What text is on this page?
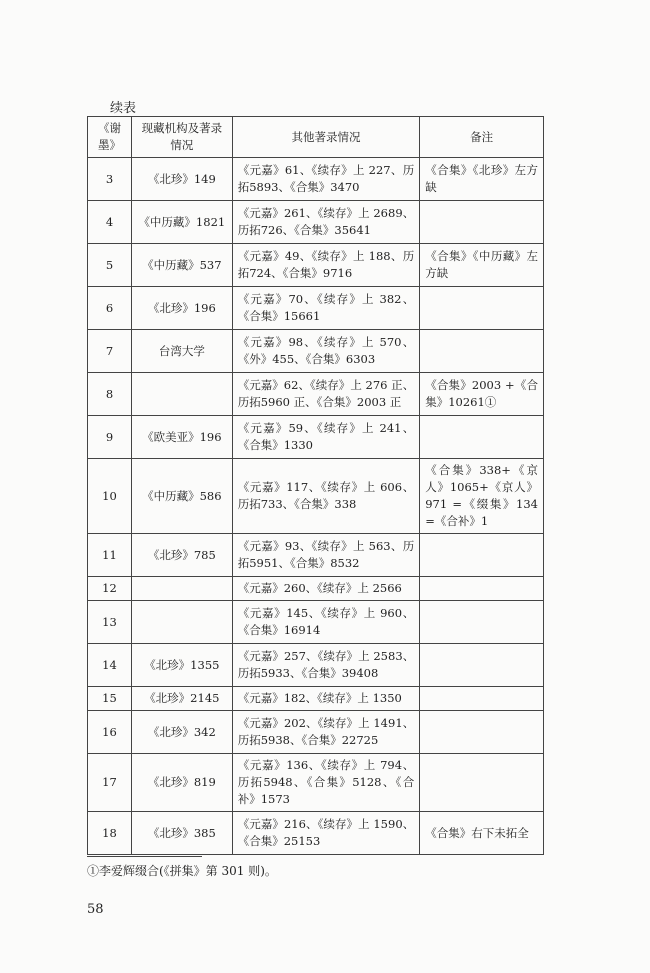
续表
《谢墨》	现藏机构及著录情况	其他著录情况	备注
3	《北珍》149	《元嘉》61、《续存》上 227、历拓5893、《合集》3470	《合集》《北珍》左方缺
4	《中历藏》1821	《元嘉》261、《续存》上 2689、历拓726、《合集》35641	
5	《中历藏》537	《元嘉》49、《续存》上 188、历拓724、《合集》9716	《合集》《中历藏》左方缺
6	《北珍》196	《元嘉》70、《续存》上 382、《合集》15661	
7	台湾大学	《元嘉》98、《续存》上 570、《外》455、《合集》6303	
8		《元嘉》62、《续存》上 276 正、历拓5960 正、《合集》2003 正	《合集》2003 +《合集》10261①
9	《欧美亚》196	《元嘉》59、《续存》上 241、《合集》1330	
10	《中历藏》586	《元嘉》117、《续存》上 606、历拓733、《合集》338	《合集》338+《京人》1065+《京人》971 =《缀集》134 =《合补》1
11	《北珍》785	《元嘉》93、《续存》上 563、历拓5951、《合集》8532	
12		《元嘉》260、《续存》上 2566	
13		《元嘉》145、《续存》上 960、《合集》16914	
14	《北珍》1355	《元嘉》257、《续存》上 2583、历拓5933、《合集》39408	
15	《北珍》2145	《元嘉》182、《续存》上 1350	
16	《北珍》342	《元嘉》202、《续存》上 1491、历拓5938、《合集》22725	
17	《北珍》819	《元嘉》136、《续存》上 794、历拓5948、《合集》5128、《合补》1573	
18	《北珍》385	《元嘉》216、《续存》上 1590、《合集》25153	《合集》右下未拓全
①李爱辉缀合(《拼集》第 301 则)。
58
